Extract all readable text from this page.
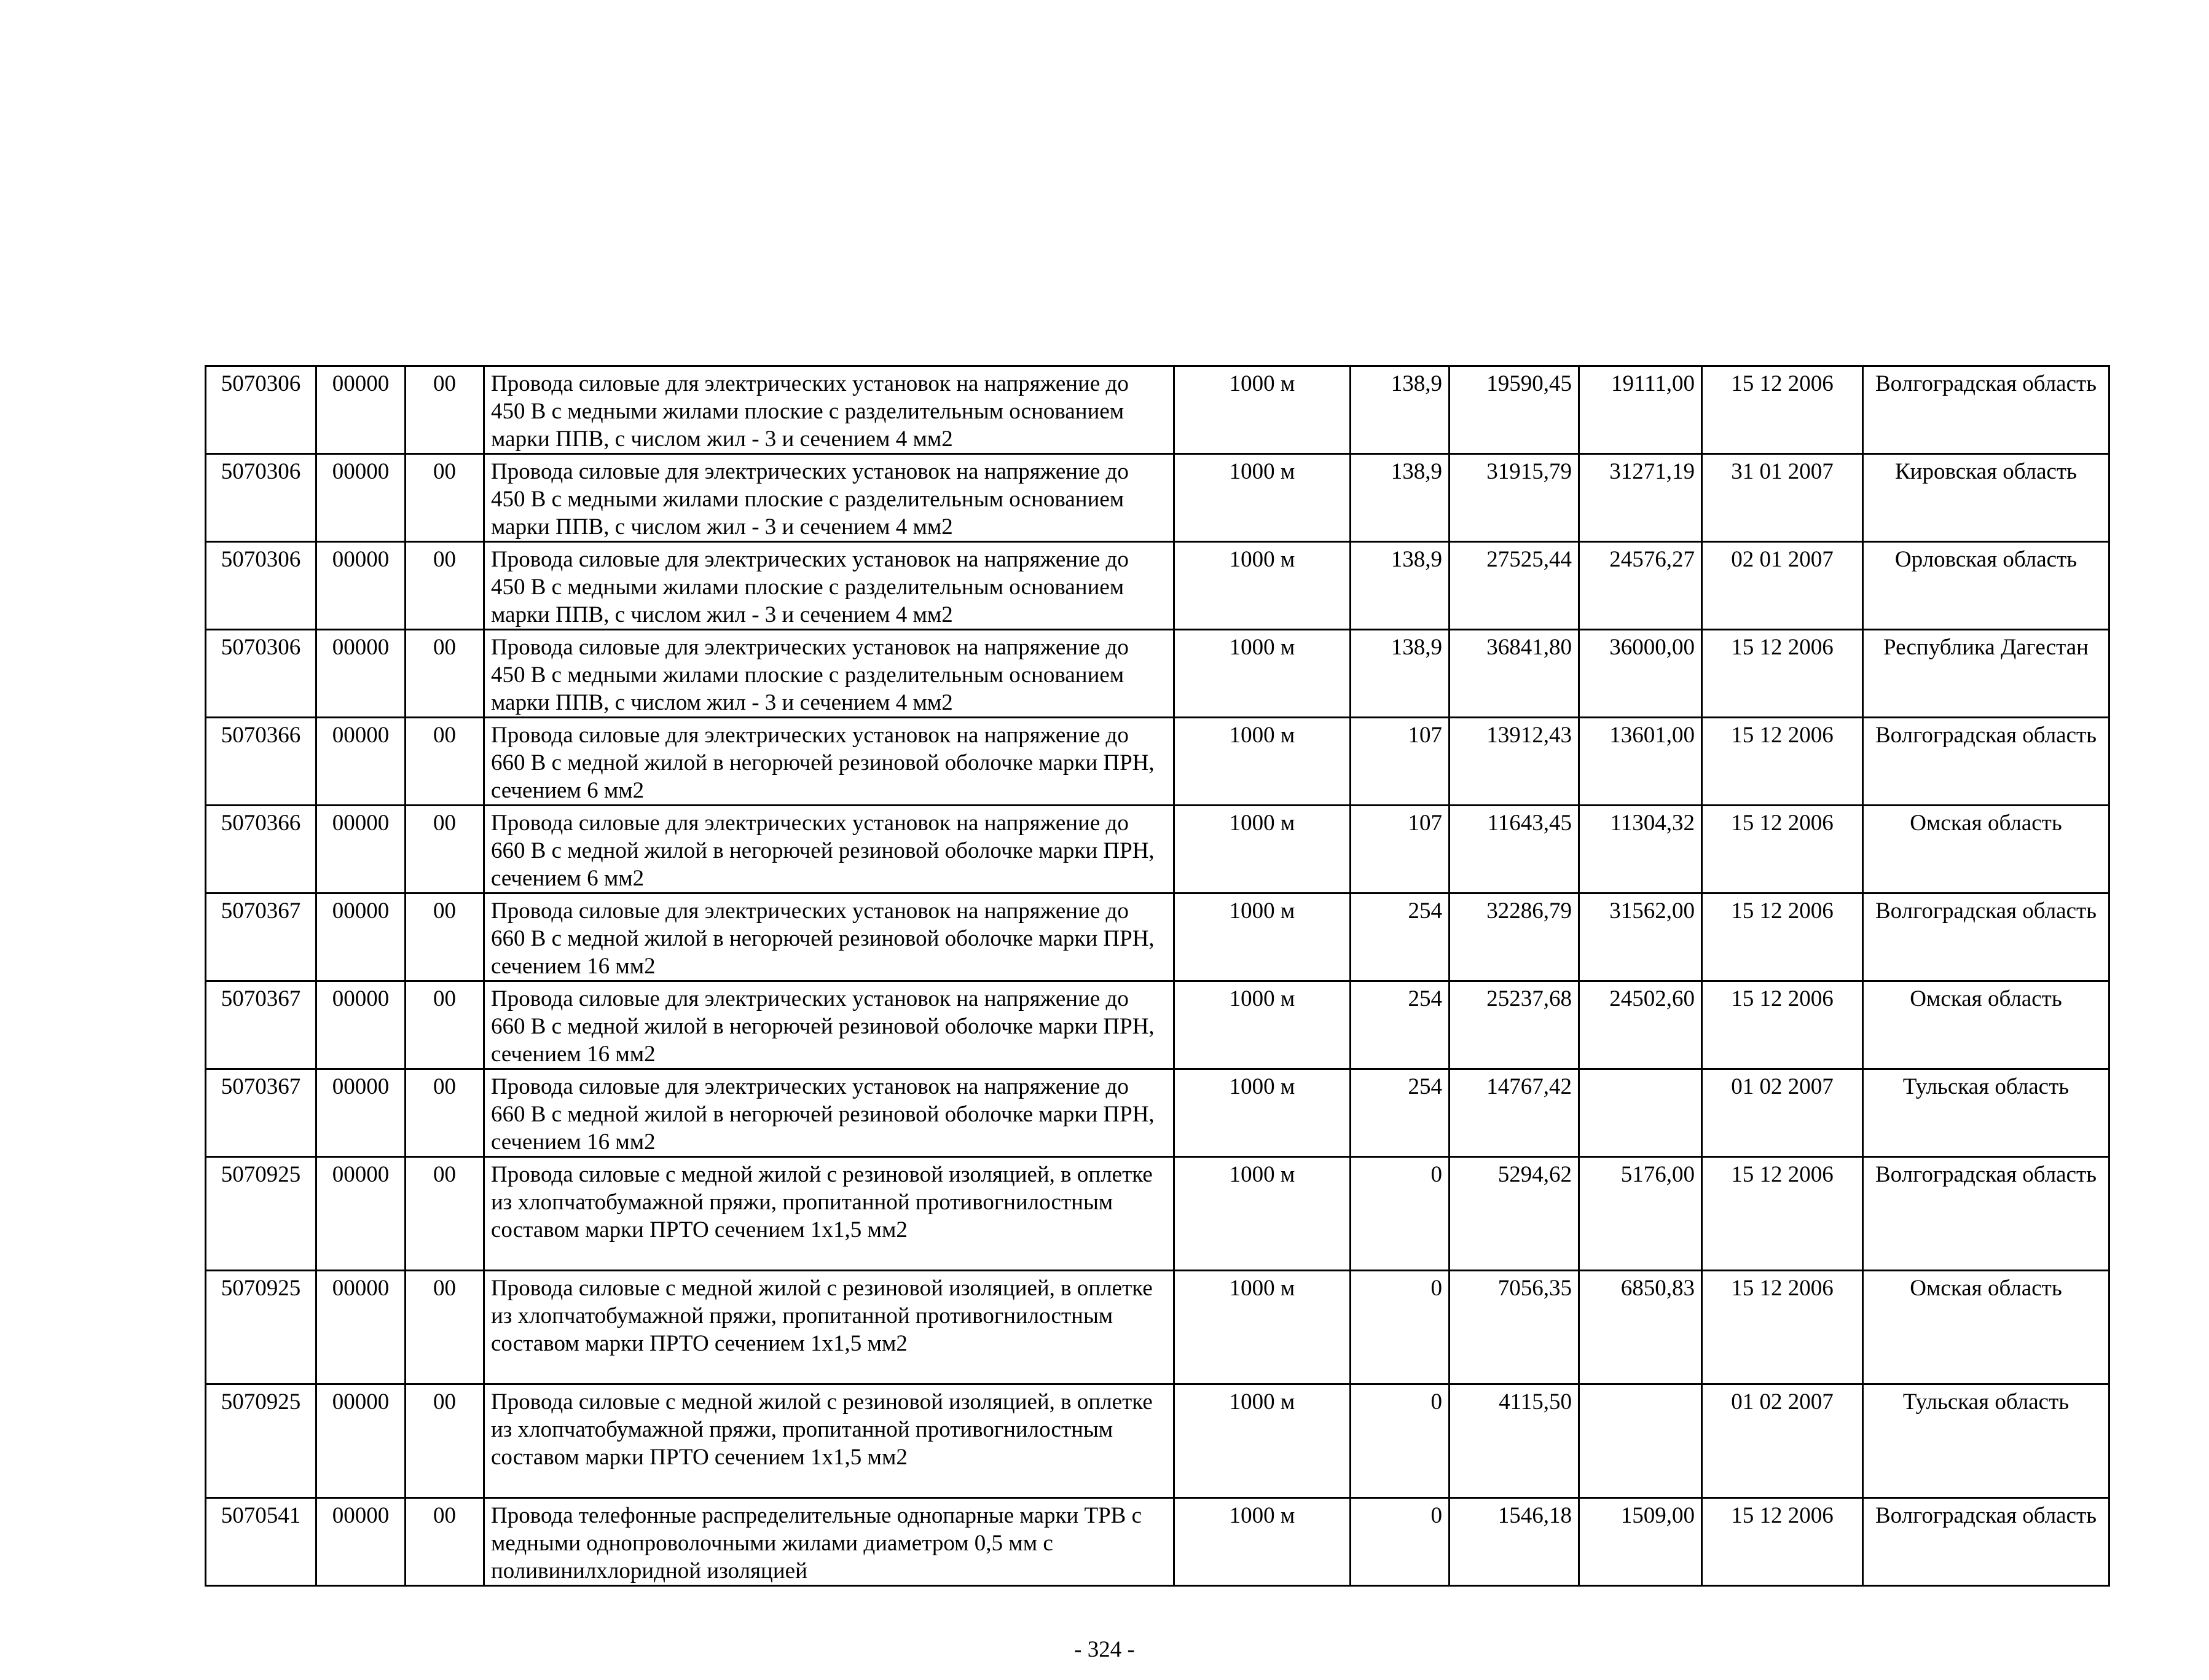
5070306	00000	00	Провода силовые для электрических установок на напряжение до 450 В с медными жилами плоские с разделительным основанием марки ППВ, с числом жил - 3 и сечением 4 мм2	1000 м	138,9	19590,45	19111,00	15 12 2006	Волгоградская область
5070306	00000	00	Провода силовые для электрических установок на напряжение до 450 В с медными жилами плоские с разделительным основанием марки ППВ, с числом жил - 3 и сечением 4 мм2	1000 м	138,9	31915,79	31271,19	31 01 2007	Кировская область
5070306	00000	00	Провода силовые для электрических установок на напряжение до 450 В с медными жилами плоские с разделительным основанием марки ППВ, с числом жил - 3 и сечением 4 мм2	1000 м	138,9	27525,44	24576,27	02 01 2007	Орловская область
5070306	00000	00	Провода силовые для электрических установок на напряжение до 450 В с медными жилами плоские с разделительным основанием марки ППВ, с числом жил - 3 и сечением 4 мм2	1000 м	138,9	36841,80	36000,00	15 12 2006	Республика Дагестан
5070366	00000	00	Провода силовые для электрических установок на напряжение до 660 В с медной жилой в негорючей резиновой оболочке марки ПРН, сечением 6 мм2	1000 м	107	13912,43	13601,00	15 12 2006	Волгоградская область
5070366	00000	00	Провода силовые для электрических установок на напряжение до 660 В с медной жилой в негорючей резиновой оболочке марки ПРН, сечением 6 мм2	1000 м	107	11643,45	11304,32	15 12 2006	Омская область
5070367	00000	00	Провода силовые для электрических установок на напряжение до 660 В с медной жилой в негорючей резиновой оболочке марки ПРН, сечением 16 мм2	1000 м	254	32286,79	31562,00	15 12 2006	Волгоградская область
5070367	00000	00	Провода силовые для электрических установок на напряжение до 660 В с медной жилой в негорючей резиновой оболочке марки ПРН, сечением 16 мм2	1000 м	254	25237,68	24502,60	15 12 2006	Омская область
5070367	00000	00	Провода силовые для электрических установок на напряжение до 660 В с медной жилой в негорючей резиновой оболочке марки ПРН, сечением 16 мм2	1000 м	254	14767,42		01 02 2007	Тульская область
5070925	00000	00	Провода силовые с медной жилой с резиновой изоляцией, в оплетке из хлопчатобумажной пряжи, пропитанной противогнилостным составом марки ПРТО сечением 1х1,5 мм2	1000 м	0	5294,62	5176,00	15 12 2006	Волгоградская область
5070925	00000	00	Провода силовые с медной жилой с резиновой изоляцией, в оплетке из хлопчатобумажной пряжи, пропитанной противогнилостным составом марки ПРТО сечением 1х1,5 мм2	1000 м	0	7056,35	6850,83	15 12 2006	Омская область
5070925	00000	00	Провода силовые с медной жилой с резиновой изоляцией, в оплетке из хлопчатобумажной пряжи, пропитанной противогнилостным составом марки ПРТО сечением 1х1,5 мм2	1000 м	0	4115,50		01 02 2007	Тульская область
5070541	00000	00	Провода телефонные распределительные однопарные марки ТРВ с медными однопроволочными жилами диаметром 0,5 мм с поливинилхлоридной изоляцией	1000 м	0	1546,18	1509,00	15 12 2006	Волгоградская область
- 324 -
